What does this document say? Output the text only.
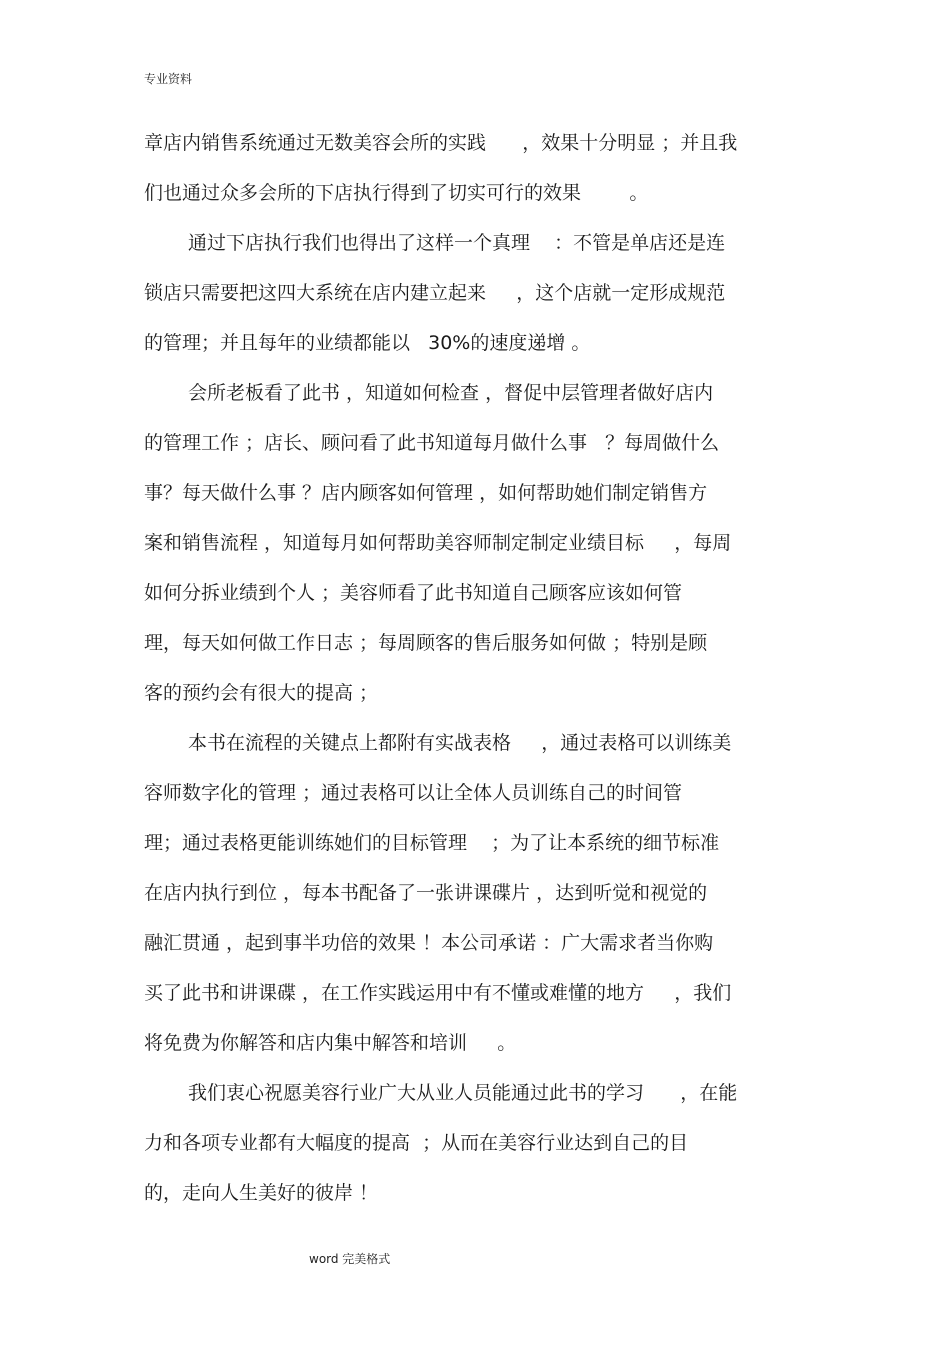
专业资料
章店内销售系统通过无数美容会所的实践      ，效果十分明显 ；并且我
们也通过众多会所的下店执行得到了切实可行的效果        。
通过下店执行我们也得出了这样一个真理    ：不管是单店还是连
锁店只需要把这四大系统在店内建立起来     ，这个店就一定形成规范
的管理；并且每年的业绩都能以   30%的速度递增 。
会所老板看了此书 ，知道如何检查 ，督促中层管理者做好店内
的管理工作 ；店长、顾问看了此书知道每月做什么事   ？每周做什么
事？每天做什么事 ？店内顾客如何管理 ，如何帮助她们制定销售方
案和销售流程 ，知道每月如何帮助美容师制定制定业绩目标     ，每周
如何分拆业绩到个人 ；美容师看了此书知道自己顾客应该如何管
理，每天如何做工作日志 ；每周顾客的售后服务如何做 ；特别是顾
客的预约会有很大的提高 ；
本书在流程的关键点上都附有实战表格     ，通过表格可以训练美
容师数字化的管理 ；通过表格可以让全体人员训练自己的时间管
理；通过表格更能训练她们的目标管理    ；为了让本系统的细节标准
在店内执行到位 ，每本书配备了一张讲课碟片 ，达到听觉和视觉的
融汇贯通 ，起到事半功倍的效果 ！本公司承诺 ：广大需求者当你购
买了此书和讲课碟 ，在工作实践运用中有不懂或难懂的地方     ，我们
将免费为你解答和店内集中解答和培训     。
我们衷心祝愿美容行业广大从业人员能通过此书的学习      ，在能
力和各项专业都有大幅度的提高  ；从而在美容行业达到自己的目
的，走向人生美好的彼岸 ！
word 完美格式
